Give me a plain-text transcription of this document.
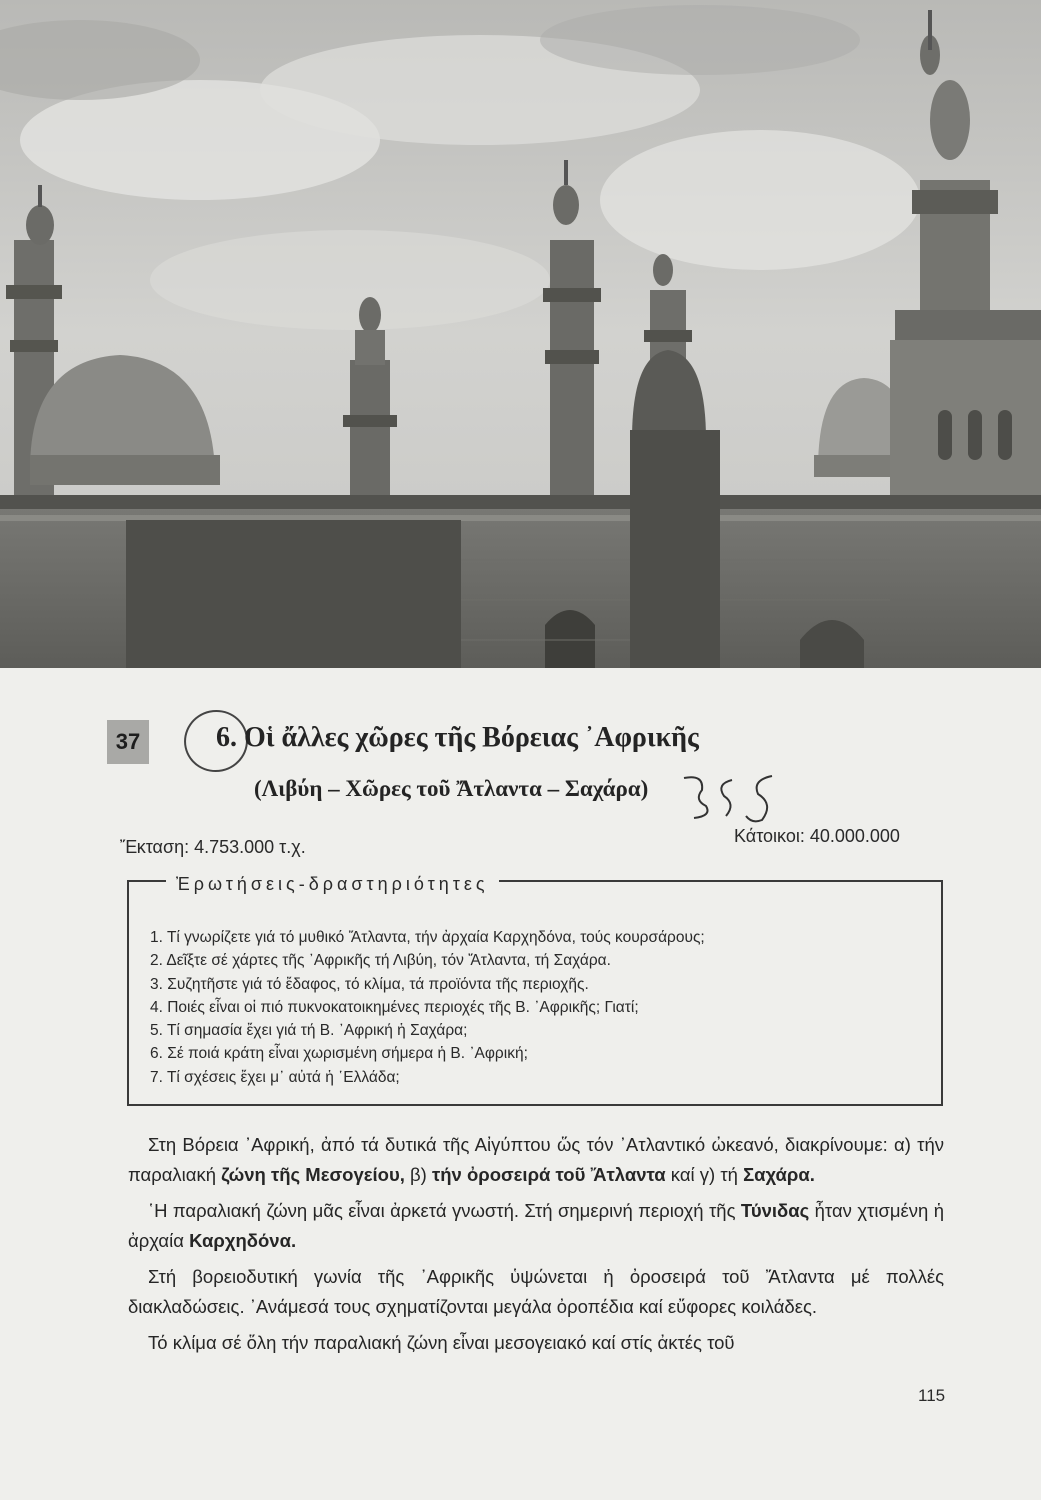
37	6. Οἱ ἄλλες χῶρες τῆς Βόρειας ᾿Αφρικῆς
(Λιβύη – Χῶρες τοῦ Ἄτλαντα – Σαχάρα)
Ἔκταση: 4.753.000 τ.χ.
Κάτοικοι: 40.000.000
Ἐρωτήσεις-δραστηριότητες
1. Τί γνωρίζετε γιά τό μυθικό Ἄτλαντα, τήν ἀρχαία Καρχηδόνα, τούς κουρσάρους;
2. Δεῖξτε σέ χάρτες τῆς ᾿Αφρικῆς τή Λιβύη, τόν Ἄτλαντα, τή Σαχάρα.
3. Συζητῆστε γιά τό ἔδαφος, τό κλίμα, τά προϊόντα τῆς περιοχῆς.
4. Ποιές εἶναι οἱ πιό πυκνοκατοικημένες περιοχές τῆς Β. ᾿Αφρικῆς; Γιατί;
5. Τί σημασία ἔχει γιά τή Β. ᾿Αφρική ἡ Σαχάρα;
6. Σέ ποιά κράτη εἶναι χωρισμένη σήμερα ἡ Β. ᾿Αφρική;
7. Τί σχέσεις ἔχει μ᾿ αὐτά ἡ ῾Ελλάδα;

Στη Βόρεια ᾿Αφρική, ἀπό τά δυτικά τῆς Αἰγύπτου ὥς τόν ᾿Ατλαντικό ὠκεανό, διακρίνουμε: α) τήν παραλιακή ζώνη τῆς Μεσογείου, β) τήν ὀροσειρά τοῦ Ἄτλαντα καί γ) τή Σαχάρα.

῾Η παραλιακή ζώνη μᾶς εἶναι ἀρκετά γνωστή. Στή σημερινή περιοχή τῆς Τύνιδας ἦταν χτισμένη ἡ ἀρχαία Καρχηδόνα.

Στή βορειοδυτική γωνία τῆς ᾿Αφρικῆς ὑψώνεται ἡ ὀροσειρά τοῦ Ἄτλαντα μέ πολλές διακλαδώσεις. ᾿Ανάμεσά τους σχηματίζονται μεγάλα ὀροπέδια καί εὔφορες κοιλάδες.

Τό κλίμα σέ ὅλη τήν παραλιακή ζώνη εἶναι μεσογειακό καί στίς ἀκτές τοῦ

115
